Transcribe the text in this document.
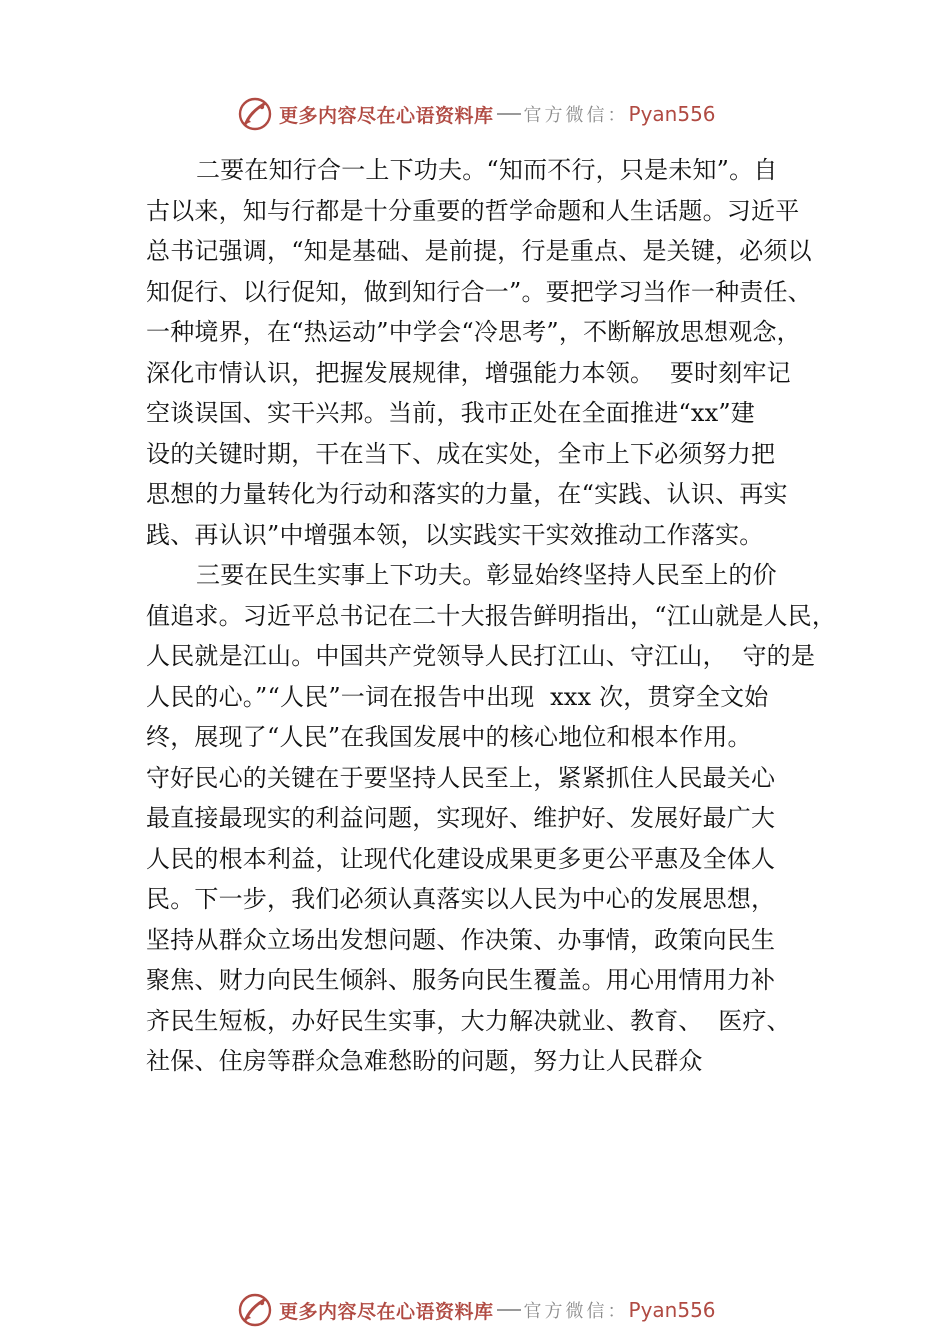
更多内容尽在心语资料库 官方微信： Pyan556
二要在知行合一上下功夫。“知而不行，只是未知”。自
古以来，知与行都是十分重要的哲学命题和人生话题。习近平
总书记强调，“知是基础、是前提，行是重点、是关键，必须以
知促行、以行促知，做到知行合一”。要把学习当作一种责任、
一种境界，在“热运动”中学会“冷思考”，不断解放思想观念，
深化市情认识，把握发展规律，增强能力本领。  要时刻牢记
空谈误国、实干兴邦。当前，我市正处在全面推进“xx”建
设的关键时期，干在当下、成在实处，全市上下必须努力把
思想的力量转化为行动和落实的力量，在“实践、认识、再实
践、再认识”中增强本领，以实践实干实效推动工作落实。
三要在民生实事上下功夫。彰显始终坚持人民至上的价
值追求。习近平总书记在二十大报告鲜明指出，“江山就是人民，
人民就是江山。中国共产党领导人民打江山、守江山，  守的是
人民的心。”“人民”一词在报告中出现  xxx 次，贯穿全文始
终，展现了“人民”在我国发展中的核心地位和根本作用。
守好民心的关键在于要坚持人民至上，紧紧抓住人民最关心
最直接最现实的利益问题，实现好、维护好、发展好最广大
人民的根本利益，让现代化建设成果更多更公平惠及全体人
民。下一步，我们必须认真落实以人民为中心的发展思想，
坚持从群众立场出发想问题、作决策、办事情，政策向民生
聚焦、财力向民生倾斜、服务向民生覆盖。用心用情用力补
齐民生短板，办好民生实事，大力解决就业、教育、  医疗、
社保、住房等群众急难愁盼的问题，努力让人民群众
更多内容尽在心语资料库 官方微信： Pyan556
